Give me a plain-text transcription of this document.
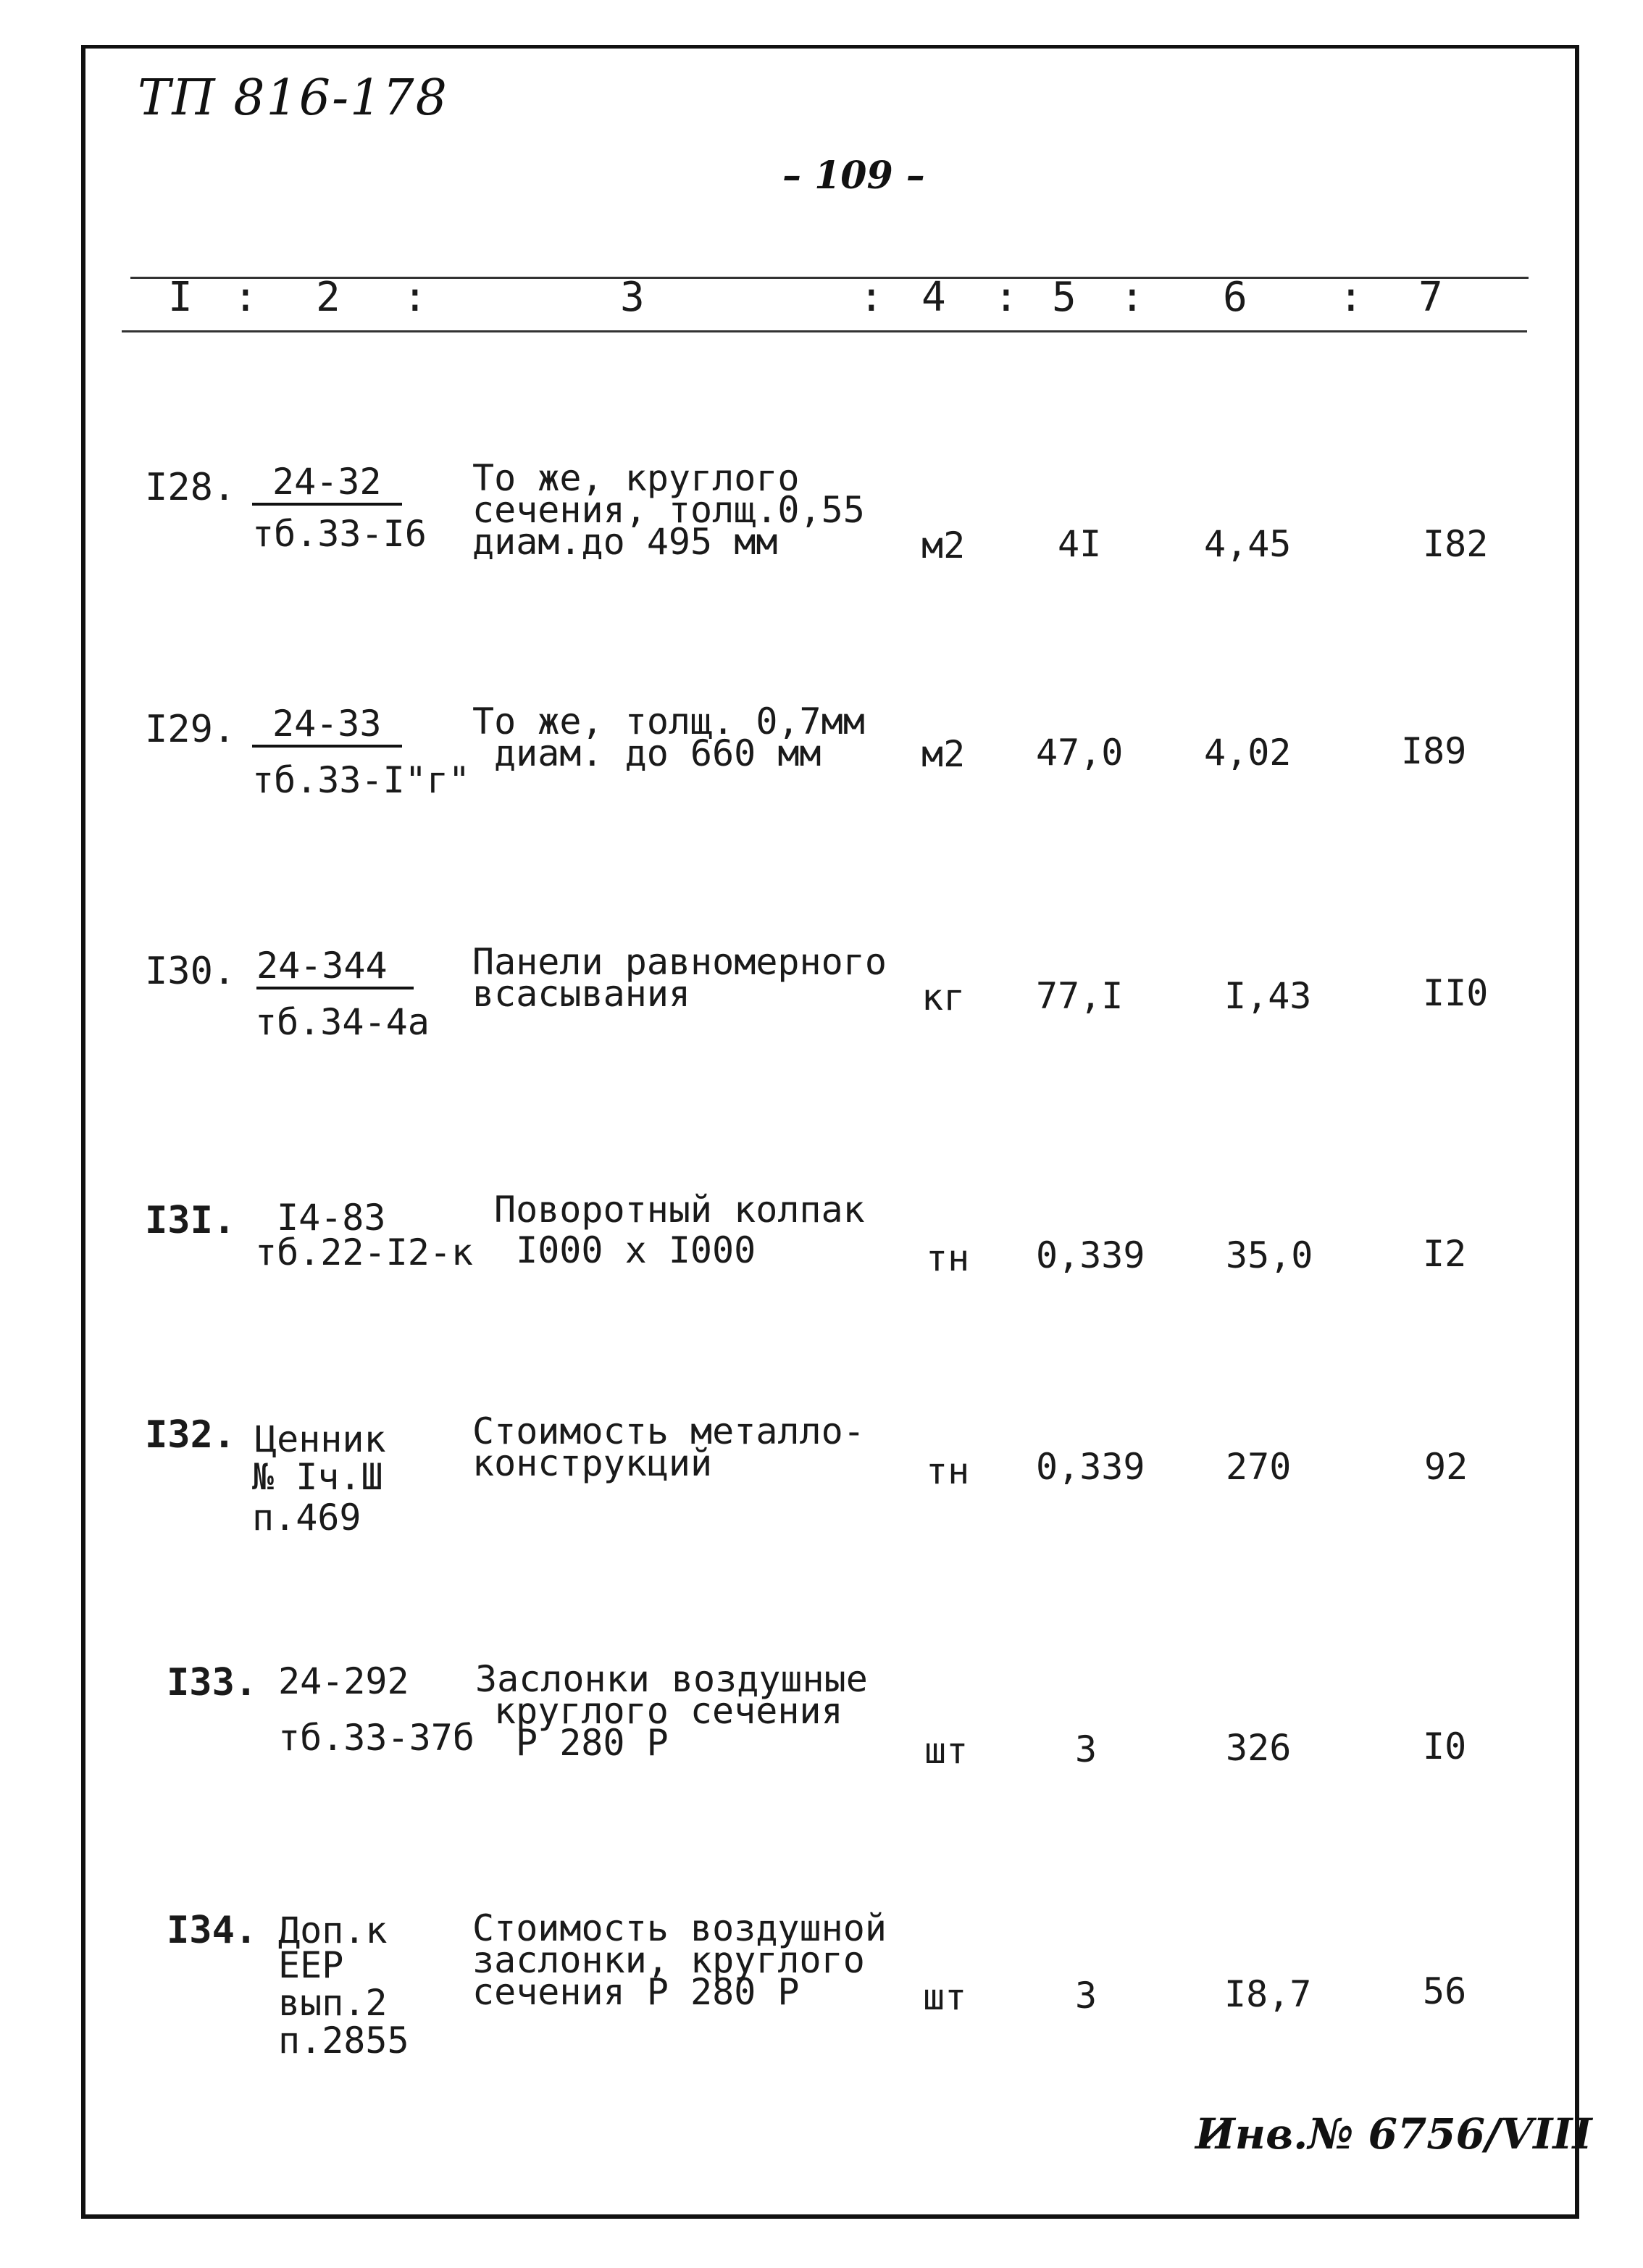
ТП 816-178
– 109 –
I : 2 :	3	: 4 : 5 : 6 : 7
I28.	24-32
тб.33-I6
То же, круглого
сечения, толщ.0,55
диам.до 495 мм	м2	4I	4,45	I82
I29.	24-33
тб.33-I"г"
То же, толщ. 0,7мм
диам. до 660 мм	м2 47,0 4,02	I89
I30. 24-344
тб.34-4а
Панели равномерного
всасывания	кг 77,I	I,43	II0
I3I. I4-83
тб.22-I2-к
Поворотный колпак
I000 х I000	тн 0,339 35,0	I2
I32. Ценник
№ Iч.Ш
п.469
Стоимость металло-
конструкций	тн 0,339 270	92
I33. 24-292
тб.33-37б
Заслонки воздушные
круглого сечения
Р 280 Р	шт	3	326	I0
I34. Доп.к
ЕЕР
вып.2
п.2855
Стоимость воздушной
заслонки, круглого
сечения Р 280 Р	шт	3	I8,7	56
Инв.№ 6756/VIII
